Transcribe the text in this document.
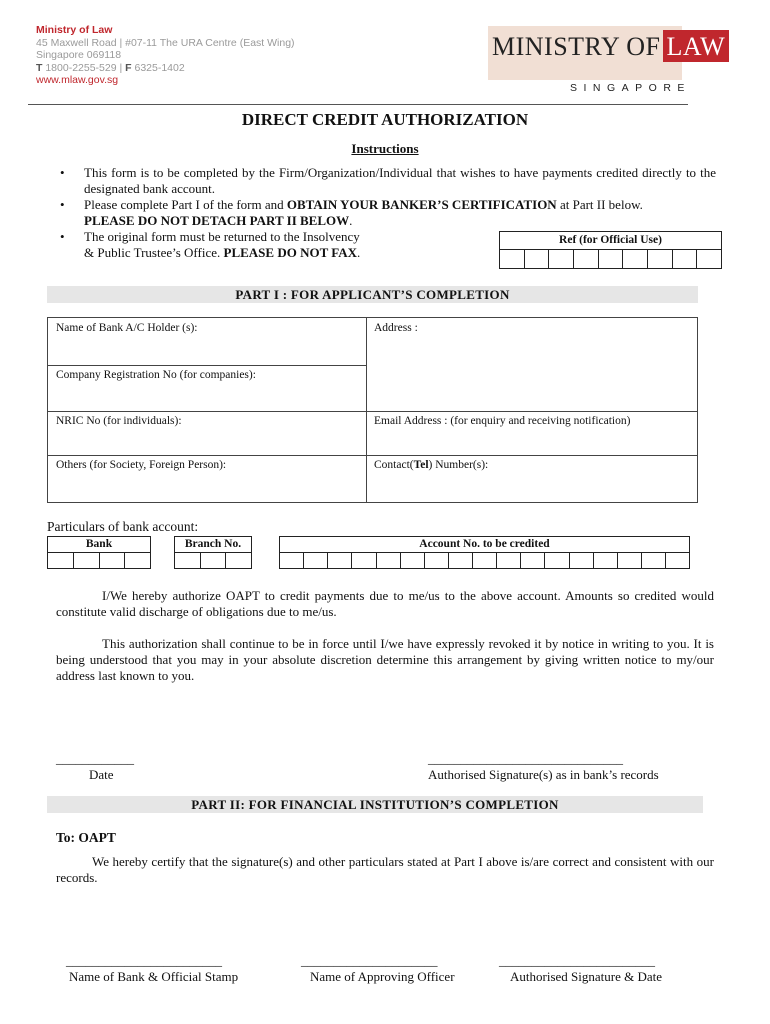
Ministry of Law
45 Maxwell Road | #07-11 The URA Centre (East Wing)
Singapore 069118
T 1800-2255-529 | F 6325-1402
www.mlaw.gov.sg
MINISTRY OF LAW
SINGAPORE
DIRECT CREDIT AUTHORIZATION
Instructions
• This form is to be completed by the Firm/Organization/Individual that wishes to have payments credited directly to the designated bank account.
• Please complete Part I of the form and OBTAIN YOUR BANKER’S CERTIFICATION at Part II below.
PLEASE DO NOT DETACH PART II BELOW.
• The original form must be returned to the Insolvency
& Public Trustee’s Office. PLEASE DO NOT FAX.
Ref (for Official Use)
PART I : FOR APPLICANT’S COMPLETION
Name of Bank A/C Holder (s):	Address :
Company Registration No (for companies):
NRIC No (for individuals):	Email Address : (for enquiry and receiving notification)
Others (for Society, Foreign Person):	Contact(Tel) Number(s):
Particulars of bank account:
Bank	Branch No.	Account No. to be credited
I/We hereby authorize OAPT to credit payments due to me/us to the above account. Amounts so credited would constitute valid discharge of obligations due to me/us.
This authorization shall continue to be in force until I/we have expressly revoked it by notice in writing to you. It is being understood that you may in your absolute discretion determine this arrangement by giving written notice to my/our address last known to you.
____________
Date
______________________________
Authorised Signature(s) as in bank’s records
PART II: FOR FINANCIAL INSTITUTION’S COMPLETION
To: OAPT
We hereby certify that the signature(s) and other particulars stated at Part I above is/are correct and consistent with our records.
________________________
Name of Bank & Official Stamp
_____________________
Name of Approving Officer
________________________
Authorised Signature & Date
